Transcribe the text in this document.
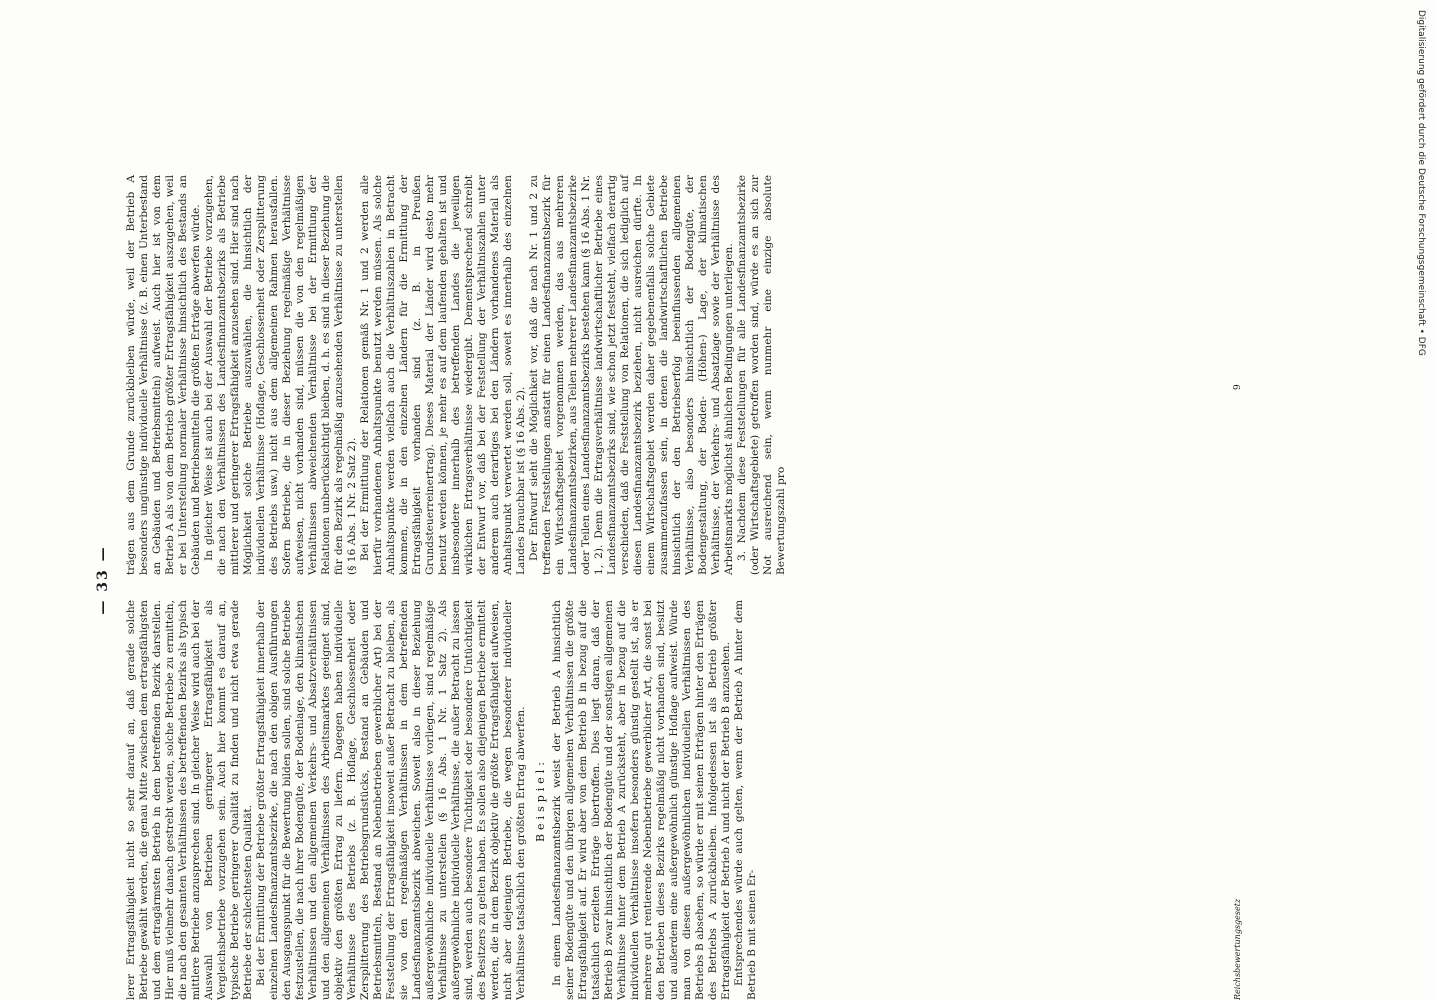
— 33 —

lerer Ertragsfähigkeit nicht so sehr darauf an, daß gerade solche Betriebe gewählt werden, die genau Mitte zwischen dem ertragsfähigsten und dem ertragärmsten Betrieb in dem betreffenden Bezirk darstellen. Hier muß vielmehr danach gestrebt werden, solche Betriebe zu ermitteln, die nach den gesamten Verhältnissen des betreffenden Bezirks als typisch mittlere Betriebe anzusprechen sind. In gleicher Weise wird auch bei der Auswahl von Betrieben geringerer Ertragsfähigkeit als Vergleichsbetriebe vorzugehen sein. Auch hier kommt es darauf an, typische Betriebe geringerer Qualität zu finden und nicht etwa gerade Betriebe der schlechtesten Qualität. Bei der Ermittlung der Betriebe größter Ertragsfähigkeit innerhalb der einzelnen Landesfinanzamtsbezirke, die nach den obigen Ausführungen den Ausgangspunkt für die Bewertung bilden sollen, sind solche Betriebe festzustellen, die nach ihrer Bodengüte, der Bodenlage, den klimatischen Verhältnissen und den allgemeinen Verkehrs- und Absatzverhältnissen und den allgemeinen Verhältnissen des Arbeitsmarktes geeignet sind, objektiv den größten Ertrag zu liefern. Dagegen haben individuelle Verhältnisse des Betriebs (z. B. Hoflage, Geschlossenheit oder Zersplitterung des Betriebsgrundstücks, Bestand an Gebäuden und Betriebsmitteln, Bestand an Nebenbetrieben gewerblicher Art) bei der Feststellung der Ertragsfähigkeit insoweit außer Betracht zu bleiben, als sie von den regelmäßigen Verhältnissen in dem betreffenden Landesfinanzamtsbezirk abweichen. Soweit also in dieser Beziehung außergewöhnliche individuelle Verhältnisse vorliegen, sind regelmäßige Verhältnisse zu unterstellen (§ 16 Abs. 1 Nr. 1 Satz 2). Als außergewöhnliche individuelle Verhältnisse, die außer Betracht zu lassen sind, werden auch besondere Tüchtigkeit oder besondere Untüchtigkeit des Besitzers zu gelten haben. Es sollen also diejenigen Betriebe ermittelt werden, die in dem Bezirk objektiv die größte Ertragsfähigkeit aufweisen, nicht aber diejenigen Betriebe, die wegen besonderer individueller Verhältnisse tatsächlich den größten Ertrag abwerfen. Beispiel: In einem Landesfinanzamtsbezirk weist der Betrieb A hinsichtlich seiner Bodengüte und den übrigen allgemeinen Verhältnissen die größte Ertragsfähigkeit auf. Er wird aber von dem Betrieb B in bezug auf die tatsächlich erzielten Erträge übertroffen. Dies liegt daran, daß der Betrieb B zwar hinsichtlich der Bodengüte und der sonstigen allgemeinen Verhältnisse hinter dem Betrieb A zurücksteht, aber in bezug auf die individuellen Verhältnisse insofern besonders günstig gestellt ist, als er mehrere gut rentierende Nebenbetriebe gewerblicher Art, die sonst bei den Betrieben dieses Bezirks regelmäßig nicht vorhanden sind, besitzt und außerdem eine außergewöhnlich günstige Hoflage aufweist. Würde man von diesen außergewöhnlichen individuellen Verhältnissen des Betriebs B absehen, so würde er mit seinen Erträgen hinter den Erträgen des Betriebs A zurückbleiben. Infolgedessen ist als Betrieb größter Ertragsfähigkeit der Betrieb A und nicht der Betrieb B anzusehen. Entsprechendes würde auch gelten, wenn der Betrieb A hinter dem Betrieb B mit seinen Er-

trägen aus dem Grunde zurückbleiben würde, weil der Betrieb A besonders ungünstige individuelle Verhältnisse (z. B. einen Unterbestand an Gebäuden und Betriebsmitteln) aufweist. Auch hier ist von dem Betrieb A als von dem Betrieb größter Ertragsfähigkeit auszugehen, weil er bei Unterstellung normaler Verhältnisse hinsichtlich des Bestands an Gebäuden und Betriebsmitteln die größten Erträge abwerfen würde. In gleicher Weise ist auch bei der Auswahl der Betriebe vorzugehen, die nach den Verhältnissen des Landesfinanzamtsbezirks als Betriebe mittlerer und geringerer Ertragsfähigkeit anzusehen sind. Hier sind nach Möglichkeit solche Betriebe auszuwählen, die hinsichtlich der individuellen Verhältnisse (Hoflage, Geschlossenheit oder Zersplitterung des Betriebs usw.) nicht aus dem allgemeinen Rahmen herausfallen. Sofern Betriebe, die in dieser Beziehung regelmäßige Verhältnisse aufweisen, nicht vorhanden sind, müssen die von den regelmäßigen Verhältnissen abweichenden Verhältnisse bei der Ermittlung der Relationen unberücksichtigt bleiben, d. h. es sind in dieser Beziehung die für den Bezirk als regelmäßig anzusehenden Verhältnisse zu unterstellen (§ 16 Abs. 1 Nr. 2 Satz 2). Bei der Ermittlung der Relationen gemäß Nr. 1 und 2 werden alle hierfür vorhandenen Anhaltspunkte benutzt werden müssen. Als solche Anhaltspunkte werden vielfach auch die Verhältniszahlen in Betracht kommen, die in den einzelnen Ländern für die Ermittlung der Ertragsfähigkeit vorhanden sind (z. B. in Preußen Grundsteuerreinertrag). Dieses Material der Länder wird desto mehr benutzt werden können, je mehr es auf dem laufenden gehalten ist und insbesondere innerhalb des betreffenden Landes die jeweiligen wirklichen Ertragsverhältnisse wiedergibt. Dementsprechend schreibt der Entwurf vor, daß bei der Feststellung der Verhältniszahlen unter anderem auch derartiges bei den Ländern vorhandenes Material als Anhaltspunkt verwertet werden soll, soweit es innerhalb des einzelnen Landes brauchbar ist (§ 16 Abs. 2). Der Entwurf sieht die Möglichkeit vor, daß die nach Nr. 1 und 2 zu treffenden Feststellungen anstatt für einen Landesfinanzamtsbezirk für ein Wirtschaftsgebiet vorgenommen werden, das aus mehreren Landesfinanzamtsbezirken, aus Teilen mehrerer Landesfinanzamtsbezirke oder Teilen eines Landesfinanzamtsbezirks bestehen kann (§ 16 Abs. 1 Nr. 1, 2). Denn die Ertragsverhältnisse landwirtschaftlicher Betriebe eines Landesfinanzamtsbezirks sind, wie schon jetzt feststeht, vielfach derartig verschieden, daß die Feststellung von Relationen, die sich lediglich auf diesen Landesfinanzamtsbezirk beziehen, nicht ausreichen dürfte. In einem Wirtschaftsgebiet werden daher gegebenenfalls solche Gebiete zusammenzufassen sein, in denen die landwirtschaftlichen Betriebe hinsichtlich der den Betriebserfolg beeinflussenden allgemeinen Verhältnisse, also besonders hinsichtlich der Bodengüte, der Bodengestaltung, der Boden- (Höhen-) Lage, der klimatischen Verhältnisse, der Verkehrs- und Absatzlage sowie der Verhältnisse des Arbeitsmarkts möglichst ähnlichen Bedingungen unterliegen. 3. Nachdem diese Feststellungen für alle Landesfinanzamtsbezirke (oder Wirtschaftsgebiete) getroffen worden sind, würde es an sich zur Not ausreichend sein, wenn nunmehr eine einzige absolute Bewertungszahl pro

Reichsbewertungsgesetz
9
Digitalisierung gefördert durch die Deutsche Forschungsgemeinschaft • DFG
